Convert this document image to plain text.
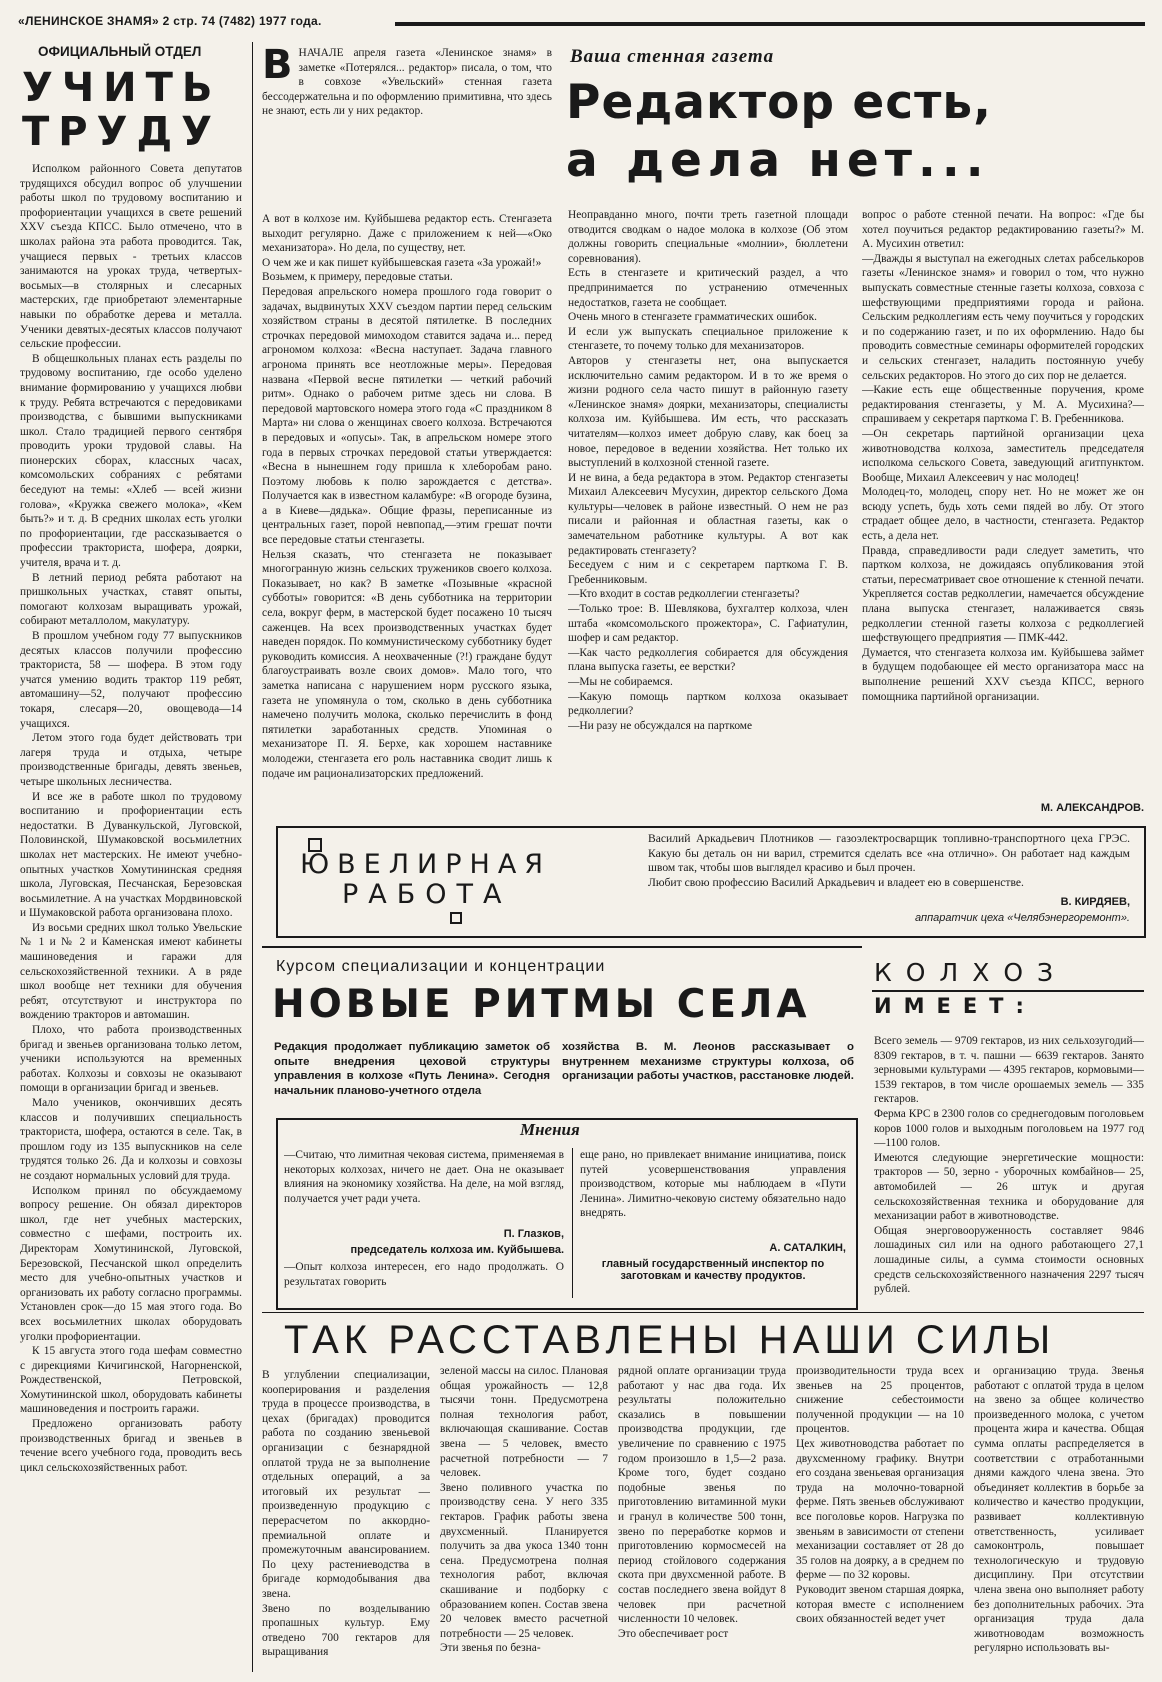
«ЛЕНИНСКОЕ ЗНАМЯ» 2 стр. 74 (7482) 1977 года.
ОФИЦИАЛЬНЫЙ ОТДЕЛ
УЧИТЬ
ТРУДУ

Исполком районного Совета депутатов трудящихся обсудил вопрос об улучшении работы школ по трудовому воспитанию и профориентации учащихся в свете решений XXV съезда КПСС. Было отмечено, что в школах района эта работа проводится. Так, учащиеся первых - третьих классов занимаются на уроках труда, четвертых-восьмых—в столярных и слесарных мастерских, где приобретают элементарные навыки по обработке дерева и металла. Ученики девятых-десятых классов получают сельские профессии.

В общешкольных планах есть разделы по трудовому воспитанию, где особо уделено внимание формированию у учащихся любви к труду. Ребята встречаются с передовиками производства, с бывшими выпускниками школ. Стало традицией первого сентября проводить уроки трудовой славы. На пионерских сборах, классных часах, комсомольских собраниях с ребятами беседуют на темы: «Хлеб — всей жизни голова», «Кружка свежего молока», «Кем быть?» и т. д. В средних школах есть уголки по профориентации, где рассказывается о профессии тракториста, шофера, доярки, учителя, врача и т. д.

В летний период ребята работают на пришкольных участках, ставят опыты, помогают колхозам выращивать урожай, собирают металлолом, макулатуру.

В прошлом учебном году 77 выпускников десятых классов получили профессию тракториста, 58 — шофера. В этом году учатся умению водить трактор 119 ребят, автомашину—52, получают профессию токаря, слесаря—20, овощевода—14 учащихся.

Летом этого года будет действовать три лагеря труда и отдыха, четыре производственные бригады, девять звеньев, четыре школьных лесничества.

И все же в работе школ по трудовому воспитанию и профориентации есть недостатки. В Дуванкульской, Луговской, Половинской, Шумаковской восьмилетних школах нет мастерских. Не имеют учебно-опытных участков Хомутининская средняя школа, Луговская, Песчанская, Березовская восьмилетние. А на участках Мордвиновской и Шумаковской работа организована плохо.

Из восьми средних школ только Увельские № 1 и № 2 и Каменская имеют кабинеты машиноведения и гаражи для сельскохозяйственной техники. А в ряде школ вообще нет техники для обучения ребят, отсутствуют и инструктора по вождению тракторов и автомашин.

Плохо, что работа производственных бригад и звеньев организована только летом, ученики используются на временных работах. Колхозы и совхозы не оказывают помощи в организации бригад и звеньев.

Мало учеников, окончивших десять классов и получивших специальность тракториста, шофера, остаются в селе. Так, в прошлом году из 135 выпускников на селе трудятся только 26. Да и колхозы и совхозы не создают нормальных условий для труда.

Исполком принял по обсуждаемому вопросу решение. Он обязал директоров школ, где нет учебных мастерских, совместно с шефами, построить их. Директорам Хомутининской, Луговской, Березовской, Песчанской школ определить место для учебно-опытных участков и организовать их работу согласно программы. Установлен срок—до 15 мая этого года. Во всех восьмилетних школах оборудовать уголки профориентации.

К 15 августа этого года шефам совместно с дирекциями Кичигинской, Нагорненской, Рождественской, Петровской, Хомутининской школ, оборудовать кабинеты машиноведения и построить гаражи.

Предложено организовать работу производственных бригад и звеньев в течение всего учебного года, проводить весь цикл сельскохозяйственных работ.

ВНАЧАЛЕ апреля газета «Ленинское знамя» в заметке «Потерялся... редактор» писала, о том, что в совхозе «Увельский» стенная газета бессодержательна и по оформлению примитивна, что здесь не знают, есть ли у них редактор.
Ваша стенная газета
Редактор есть,
а дела нет...
А вот в колхозе им. Куйбышева редактор есть. Стенгазета выходит регулярно. Даже с приложением к ней—«Око механизатора». Но дела, по существу, нет.
О чем же и как пишет куйбышевская газета «За урожай!»
Возьмем, к примеру, передовые статьи.
Передовая апрельского номера прошлого года говорит о задачах, выдвинутых XXV съездом партии перед сельским хозяйством страны в десятой пятилетке. В последних строчках передовой мимоходом ставится задача и... перед агрономом колхоза: «Весна наступает. Задача главного агронома принять все неотложные меры». Передовая названа «Первой весне пятилетки — четкий рабочий ритм». Однако о рабочем ритме здесь ни слова. В передовой мартовского номера этого года «С праздником 8 Марта» ни слова о женщинах своего колхоза. Встречаются в передовых и «опусы». Так, в апрельском номере этого года в первых строчках передовой статьи утверждается: «Весна в нынешнем году пришла к хлеборобам рано. Поэтому любовь к полю зарождается с детства». Получается как в известном каламбуре: «В огороде бузина, а в Киеве—дядька». Общие фразы, переписанные из центральных газет, порой невпопад,—этим грешат почти все передовые статьи стенгазеты.
Нельзя сказать, что стенгазета не показывает многогранную жизнь сельских тружеников своего колхоза. Показывает, но как? В заметке «Позывные «красной субботы» говорится: «В день субботника на территории села, вокруг ферм, в мастерской будет посажено 10 тысяч саженцев. На всех производственных участках будет наведен порядок. По коммунистическому субботнику будет руководить комиссия. А неохваченные (?!) граждане будут благоустраивать возле своих домов». Мало того, что заметка написана с нарушением норм русского языка, газета не упомянула о том, сколько в день субботника намечено получить молока, сколько перечислить в фонд пятилетки заработанных средств. Упоминая о механизаторе П. Я. Берхе, как хорошем наставнике молодежи, стенгазета его роль наставника сводит лишь к подаче им рационализаторских предложений.
Неоправданно много, почти треть газетной площади отводится сводкам о надое молока в колхозе (Об этом должны говорить специальные «молнии», бюллетени соревнования).
Есть в стенгазете и критический раздел, а что предпринимается по устранению отмеченных недостатков, газета не сообщает.
Очень много в стенгазете грамматических ошибок.
И если уж выпускать специальное приложение к стенгазете, то почему только для механизаторов.
Авторов у стенгазеты нет, она выпускается исключительно самим редактором. И в то же время о жизни родного села часто пишут в районную газету «Ленинское знамя» доярки, механизаторы, специалисты колхоза им. Куйбышева. Им есть, что рассказать читателям—колхоз имеет добрую славу, как боец за новое, передовое в ведении хозяйства. Нет только их выступлений в колхозной стенной газете.
И не вина, а беда редактора в этом. Редактор стенгазеты Михаил Алексеевич Мусухин, директор сельского Дома культуры—человек в районе известный. О нем не раз писали и районная и областная газеты, как о замечательном работнике культуры. А вот как редактировать стенгазету?
Беседуем с ним и с секретарем парткома Г. В. Гребенниковым.
—Кто входит в состав редколлегии стенгазеты?
—Только трое: В. Шевлякова, бухгалтер колхоза, член штаба «комсомольского прожектора», С. Гафиатулин, шофер и сам редактор.
—Как часто редколлегия собирается для обсуждения плана выпуска газеты, ее верстки?
—Мы не собираемся.
—Какую помощь партком колхоза оказывает редколлегии?
—Ни разу не обсуждался на парткоме
вопрос о работе стенной печати. На вопрос: «Где бы хотел поучиться редактор редактированию газеты?» М. А. Мусихин ответил:
—Дважды я выступал на ежегодных слетах рабселькоров газеты «Ленинское знамя» и говорил о том, что нужно выпускать совместные стенные газеты колхоза, совхоза с шефствующими предприятиями города и района. Сельским редколлегиям есть чему поучиться у городских и по содержанию газет, и по их оформлению. Надо бы проводить совместные семинары оформителей городских и сельских стенгазет, наладить постоянную учебу сельских редакторов. Но этого до сих пор не делается.
—Какие есть еще общественные поручения, кроме редактирования стенгазеты, у М. А. Мусихина?—спрашиваем у секретаря парткома Г. В. Гребенникова.
—Он секретарь партийной организации цеха животноводства колхоза, заместитель председателя исполкома сельского Совета, заведующий агитпунктом. Вообще, Михаил Алексеевич у нас молодец!
Молодец-то, молодец, спору нет. Но не может же он всюду успеть, будь хоть семи пядей во лбу. От этого страдает общее дело, в частности, стенгазета. Редактор есть, а дела нет.
Правда, справедливости ради следует заметить, что партком колхоза, не дожидаясь опубликования этой статьи, пересматривает свое отношение к стенной печати. Укрепляется состав редколлегии, намечается обсуждение плана выпуска стенгазет, налаживается связь редколлегии стенной газеты колхоза с редколлегией шефствующего предприятия — ПМК-442.
Думается, что стенгазета колхоза им. Куйбышева займет в будущем подобающее ей место организатора масс на выполнение решений XXV съезда КПСС, верного помощника партийной организации.
М. АЛЕКСАНДРОВ.
ЮВЕЛИРНАЯ
РАБОТА
Василий Аркадьевич Плотников — газоэлектросварщик топливно-транспортного цеха ГРЭС. Какую бы деталь он ни варил, стремится сделать все «на отлично». Он работает над каждым швом так, чтобы шов выглядел красиво и был прочен.
Любит свою профессию Василий Аркадьевич и владеет ею в совершенстве.
В. КИРДЯЕВ,
аппаратчик цеха «Челябэнергоремонт».
Курсом специализации и концентрации
НОВЫЕ РИТМЫ СЕЛА
Редакция продолжает публикацию заметок об опыте внедрения цеховой структуры управления в колхозе «Путь Ленина». Сегодня начальник планово-учетного отдела
хозяйства В. М. Леонов рассказывает о внутреннем механизме структуры колхоза, об организации работы участков, расстановке людей.
Мнения
—Считаю, что лимитная чековая система, применяемая в некоторых колхозах, ничего не дает. Она не оказывает влияния на экономику хозяйства. На деле, на мой взгляд, получается учет ради учета.
П. Глазков,
председатель колхоза им. Куйбышева.
—Опыт колхоза интересен, его надо продолжать. О результатах говорить
еще рано, но привлекает внимание инициатива, поиск путей усовершенствования управления производством, которые мы наблюдаем в «Пути Ленина». Лимитно-чековую систему обязательно надо внедрять.
А. САТАЛКИН,
главный государственный инспектор по заготовкам и качеству продуктов.
КОЛХОЗ
ИМЕЕТ:
Всего земель — 9709 гектаров, из них сельхозугодий—8309 гектаров, в т. ч. пашни — 6639 гектаров. Занято зерновыми культурами — 4395 гектаров, кормовыми—1539 гектаров, в том числе орошаемых земель — 335 гектаров.
Ферма КРС в 2300 голов со среднегодовым поголовьем коров 1000 голов и выходным поголовьем на 1977 год—1100 голов.
Имеются следующие энергетические мощности: тракторов — 50, зерно - уборочных комбайнов— 25, автомобилей — 26 штук и другая сельскохозяйственная техника и оборудование для механизации работ в животноводстве.
Общая энерговооруженность составляет 9846 лошадиных сил или на одного работающего 27,1 лошадиные силы, а сумма стоимости основных средств сельскохозяйственного назначения 2297 тысяч рублей.
ТАК РАССТАВЛЕНЫ НАШИ СИЛЫ
В углублении специализации, кооперирования и разделения труда в процессе производства, в цехах (бригадах) проводится работа по созданию звеньевой организации с безнарядной оплатой труда не за выполнение отдельных операций, а за итоговый их результат — произведенную продукцию с перерасчетом по аккордно-премиальной оплате и промежуточным авансированием. По цеху растениеводства в бригаде кормодобывания два звена.
Звено по возделыванию пропашных культур. Ему отведено 700 гектаров для выращивания
зеленой массы на силос. Плановая общая урожайность — 12,8 тысячи тонн. Предусмотрена полная технология работ, включающая скашивание. Состав звена — 5 человек, вместо расчетной потребности — 7 человек.
Звено поливного участка по производству сена. У него 335 гектаров. График работы звена двухсменный. Планируется получить за два укоса 1340 тонн сена. Предусмотрена полная технология работ, включая скашивание и подборку с образованием копен. Состав звена 20 человек вместо расчетной потребности — 25 человек.
Эти звенья по безна-
рядной оплате организации труда работают у нас два года. Их результаты положительно сказались в повышении производства продукции, где увеличение по сравнению с 1975 годом произошло в 1,5—2 раза. Кроме того, будет создано подобные звенья по приготовлению витаминной муки и гранул в количестве 500 тонн, звено по переработке кормов и приготовлению кормосмесей на период стойлового содержания скота при двухсменной работе. В состав последнего звена войдут 8 человек при расчетной численности 10 человек.
Это обеспечивает рост
производительности труда всех звеньев на 25 процентов, снижение себестоимости полученной продукции — на 10 процентов.
Цех животноводства работает по двухсменному графику. Внутри его создана звеньевая организация труда на молочно-товарной ферме. Пять звеньев обслуживают все поголовье коров. Нагрузка по звеньям в зависимости от степени механизации составляет от 28 до 35 голов на доярку, а в среднем по ферме — по 32 коровы.
Руководит звеном старшая доярка, которая вместе с исполнением своих обязанностей ведет учет
и организацию труда. Звенья работают с оплатой труда в целом на звено за общее количество произведенного молока, с учетом процента жира и качества. Общая сумма оплаты распределяется в соответствии с отработанными днями каждого члена звена. Это объединяет коллектив в борьбе за количество и качество продукции, развивает коллективную ответственность, усиливает самоконтроль, повышает технологическую и трудовую дисциплину. При отсутствии члена звена оно выполняет работу без дополнительных рабочих. Эта организация труда дала животноводам возможность регулярно использовать вы-
